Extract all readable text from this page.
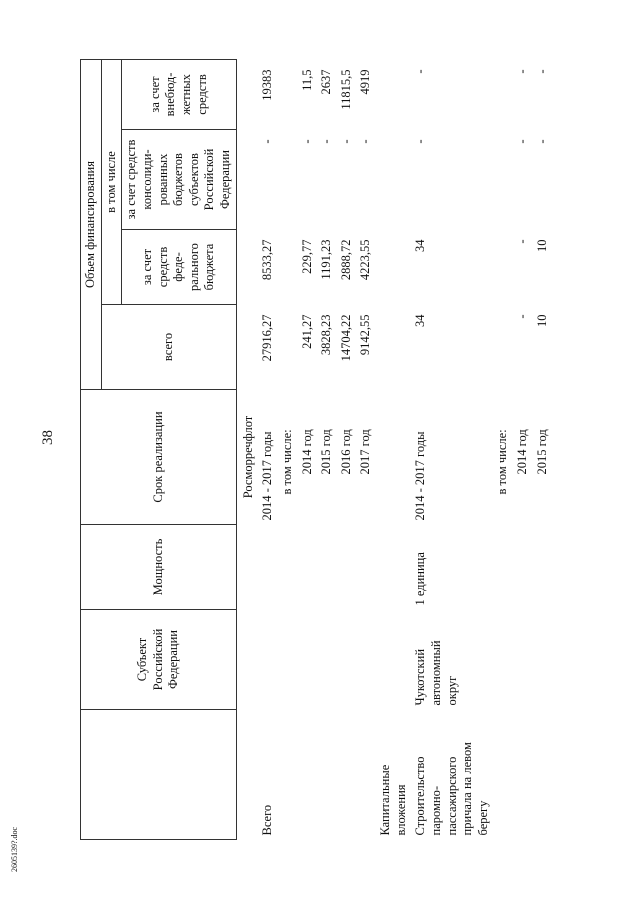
38
2605139?.doc
	Субъект Российской Федерации	Мощность	Срок реализации	Объем финансирования			
				всего	в том числе		
					за счет средств феде-рального бюджета	за счет средств консолиди-рованных бюджетов субъектов Российской Федерации	за счет внебюд-жетных средств
			Росморречфлот				
Всего			2014 - 2017 годы	27916,27	8533,27	-	19383
			в том числе:				
			2014 год	241,27	229,77	-	11,5
			2015 год	3828,23	1191,23	-	2637
			2016 год	14704,22	2888,72	-	11815,5
			2017 год	9142,55	4223,55	-	4919
Капитальные вложения							
Строительство паромно-пассажирского причала на левом берегу	Чукотский автономный округ	1 единица	2014 - 2017 годы	34	34	-	-
			в том числе:				
			2014 год	-	-	-	-
			2015 год	10	10	-	-
